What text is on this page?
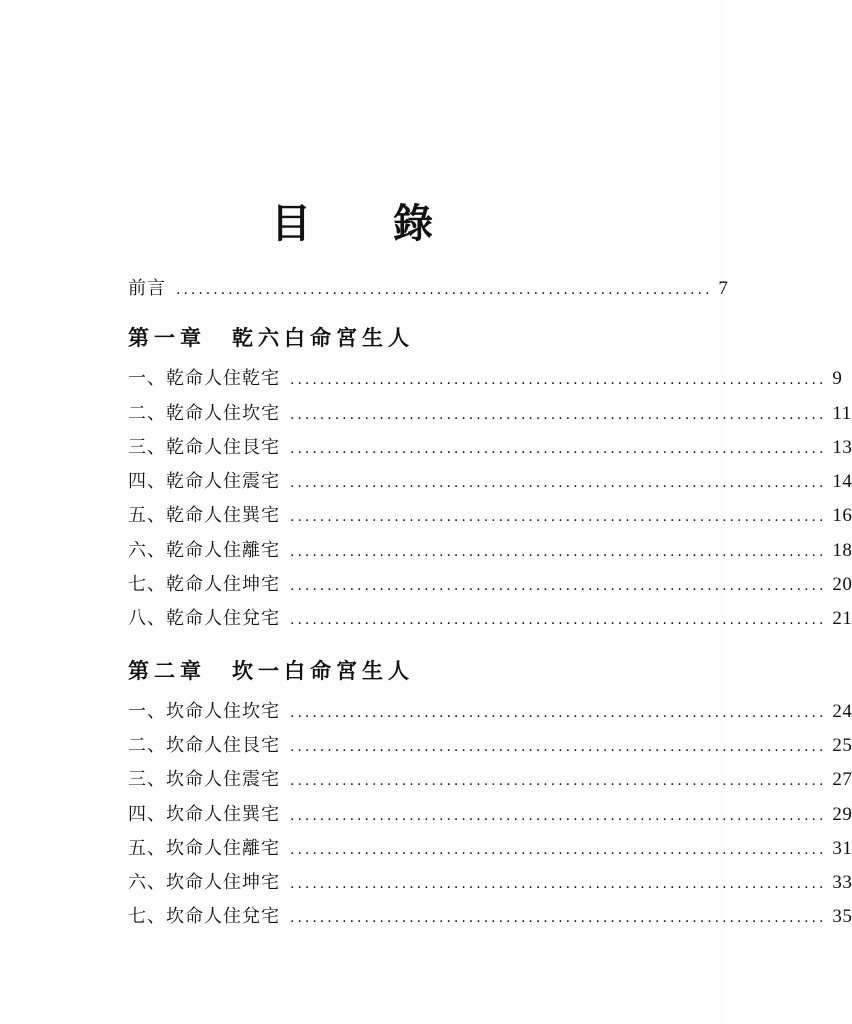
目 錄
前言 ........................................................................ 7
第一章 乾六白命宮生人
一、乾命人住乾宅 ........................................................................ 9
二、乾命人住坎宅 ........................................................................ 11
三、乾命人住艮宅 ........................................................................ 13
四、乾命人住震宅 ........................................................................ 14
五、乾命人住巽宅 ........................................................................ 16
六、乾命人住離宅 ........................................................................ 18
七、乾命人住坤宅 ........................................................................ 20
八、乾命人住兌宅 ........................................................................ 21
第二章 坎一白命宮生人
一、坎命人住坎宅 ........................................................................ 24
二、坎命人住艮宅 ........................................................................ 25
三、坎命人住震宅 ........................................................................ 27
四、坎命人住巽宅 ........................................................................ 29
五、坎命人住離宅 ........................................................................ 31
六、坎命人住坤宅 ........................................................................ 33
七、坎命人住兌宅 ........................................................................ 35
